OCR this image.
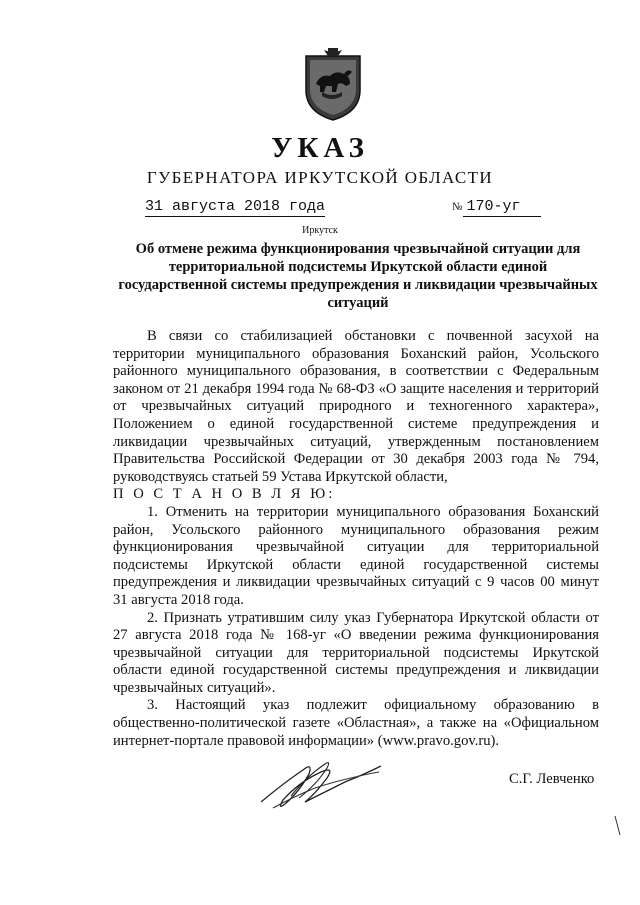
УКАЗ
ГУБЕРНАТОРА ИРКУТСКОЙ ОБЛАСТИ
31 августа 2018 года	№ 170-уг
Иркутск
Об отмене режима функционирования чрезвычайной ситуации для территориальной подсистемы Иркутской области единой государственной системы предупреждения и ликвидации чрезвычайных ситуаций

В связи со стабилизацией обстановки с почвенной засухой на территории муниципального образования Боханский район, Усольского районного муниципального образования, в соответствии с Федеральным законом от 21 декабря 1994 года № 68-ФЗ «О защите населения и территорий от чрезвычайных ситуаций природного и техногенного характера», Положением о единой государственной системе предупреждения и ликвидации чрезвычайных ситуаций, утвержденным постановлением Правительства Российской Федерации от 30 декабря 2003 года № 794, руководствуясь статьей 59 Устава Иркутской области,

П О С Т А Н О В Л Я Ю:

1. Отменить на территории муниципального образования Боханский район, Усольского районного муниципального образования режим функционирования чрезвычайной ситуации для территориальной подсистемы Иркутской области единой государственной системы предупреждения и ликвидации чрезвычайных ситуаций с 9 часов 00 минут 31 августа 2018 года.

2. Признать утратившим силу указ Губернатора Иркутской области от 27 августа 2018 года № 168-уг «О введении режима функционирования чрезвычайной ситуации для территориальной подсистемы Иркутской области единой государственной системы предупреждения и ликвидации чрезвычайных ситуаций».

3. Настоящий указ подлежит официальному образованию в общественно-политической газете «Областная», а также на «Официальном интернет-портале правовой информации» (www.pravo.gov.ru).

С.Г. Левченко
